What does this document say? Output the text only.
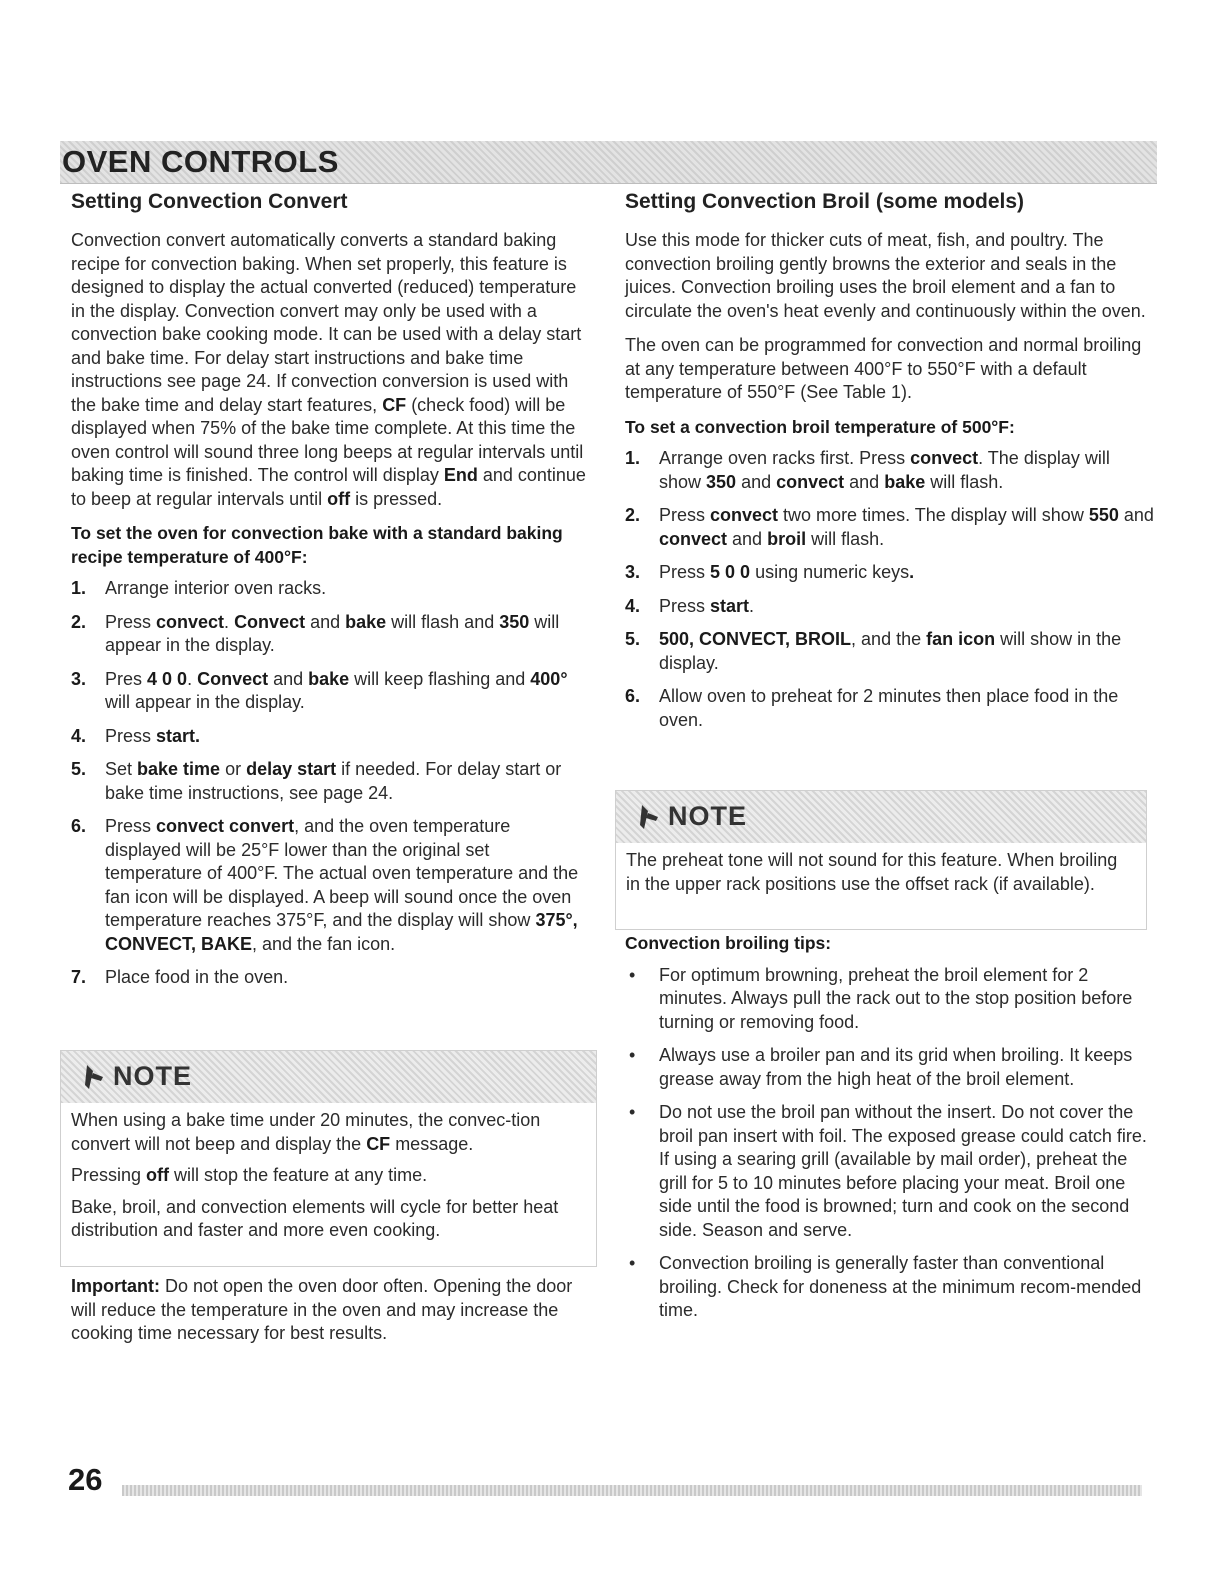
OVEN CONTROLS
Setting Convection Convert

Convection convert automatically converts a standard baking recipe for convection baking. When set properly, this feature is designed to display the actual converted (reduced) temperature in the display. Convection convert may only be used with a convection bake cooking mode. It can be used with a delay start and bake time. For delay start instructions and bake time instructions see page 24. If convection conversion is used with the bake time and delay start features, CF (check food) will be displayed when 75% of the bake time complete. At this time the oven control will sound three long beeps at regular intervals until baking time is finished. The control will display End and continue to beep at regular intervals until off is pressed.

To set the oven for convection bake with a standard baking recipe temperature of 400°F:
1. Arrange interior oven racks.
2. Press convect. Convect and bake will flash and 350 will appear in the display.
3. Pres 4 0 0. Convect and bake will keep flashing and 400° will appear in the display.
4. Press start.
5. Set bake time or delay start if needed. For delay start or bake time instructions, see page 24.
6. Press convect convert, and the oven temperature displayed will be 25°F lower than the original set temperature of 400°F. The actual oven temperature and the fan icon will be displayed. A beep will sound once the oven temperature reaches 375°F, and the display will show 375°, CONVECT, BAKE, and the fan icon.
7. Place food in the oven.
NOTE

When using a bake time under 20 minutes, the convec-tion convert will not beep and display the CF message.

Pressing off will stop the feature at any time.

Bake, broil, and convection elements will cycle for better heat distribution and faster and more even cooking.

Important: Do not open the oven door often. Opening the door will reduce the temperature in the oven and may increase the cooking time necessary for best results.

Setting Convection Broil (some models)

Use this mode for thicker cuts of meat, fish, and poultry. The convection broiling gently browns the exterior and seals in the juices. Convection broiling uses the broil element and a fan to circulate the oven's heat evenly and continuously within the oven.

The oven can be programmed for convection and normal broiling at any temperature between 400°F to 550°F with a default temperature of 550°F (See Table 1).

To set a convection broil temperature of 500°F:
1. Arrange oven racks first. Press convect. The display will show 350 and convect and bake will flash.
2. Press convect two more times. The display will show 550 and convect and broil will flash.
3. Press 5 0 0 using numeric keys.
4. Press start.
5. 500, CONVECT, BROIL, and the fan icon will show in the display.
6. Allow oven to preheat for 2 minutes then place food in the oven.
NOTE

The preheat tone will not sound for this feature. When broiling in the upper rack positions use the offset rack (if available).

Convection broiling tips:
• For optimum browning, preheat the broil element for 2 minutes. Always pull the rack out to the stop position before turning or removing food.
• Always use a broiler pan and its grid when broiling. It keeps grease away from the high heat of the broil element.
• Do not use the broil pan without the insert. Do not cover the broil pan insert with foil. The exposed grease could catch fire. If using a searing grill (available by mail order), preheat the grill for 5 to 10 minutes before placing your meat. Broil one side until the food is browned; turn and cook on the second side. Season and serve.
• Convection broiling is generally faster than conventional broiling. Check for doneness at the minimum recom-mended time.
26
